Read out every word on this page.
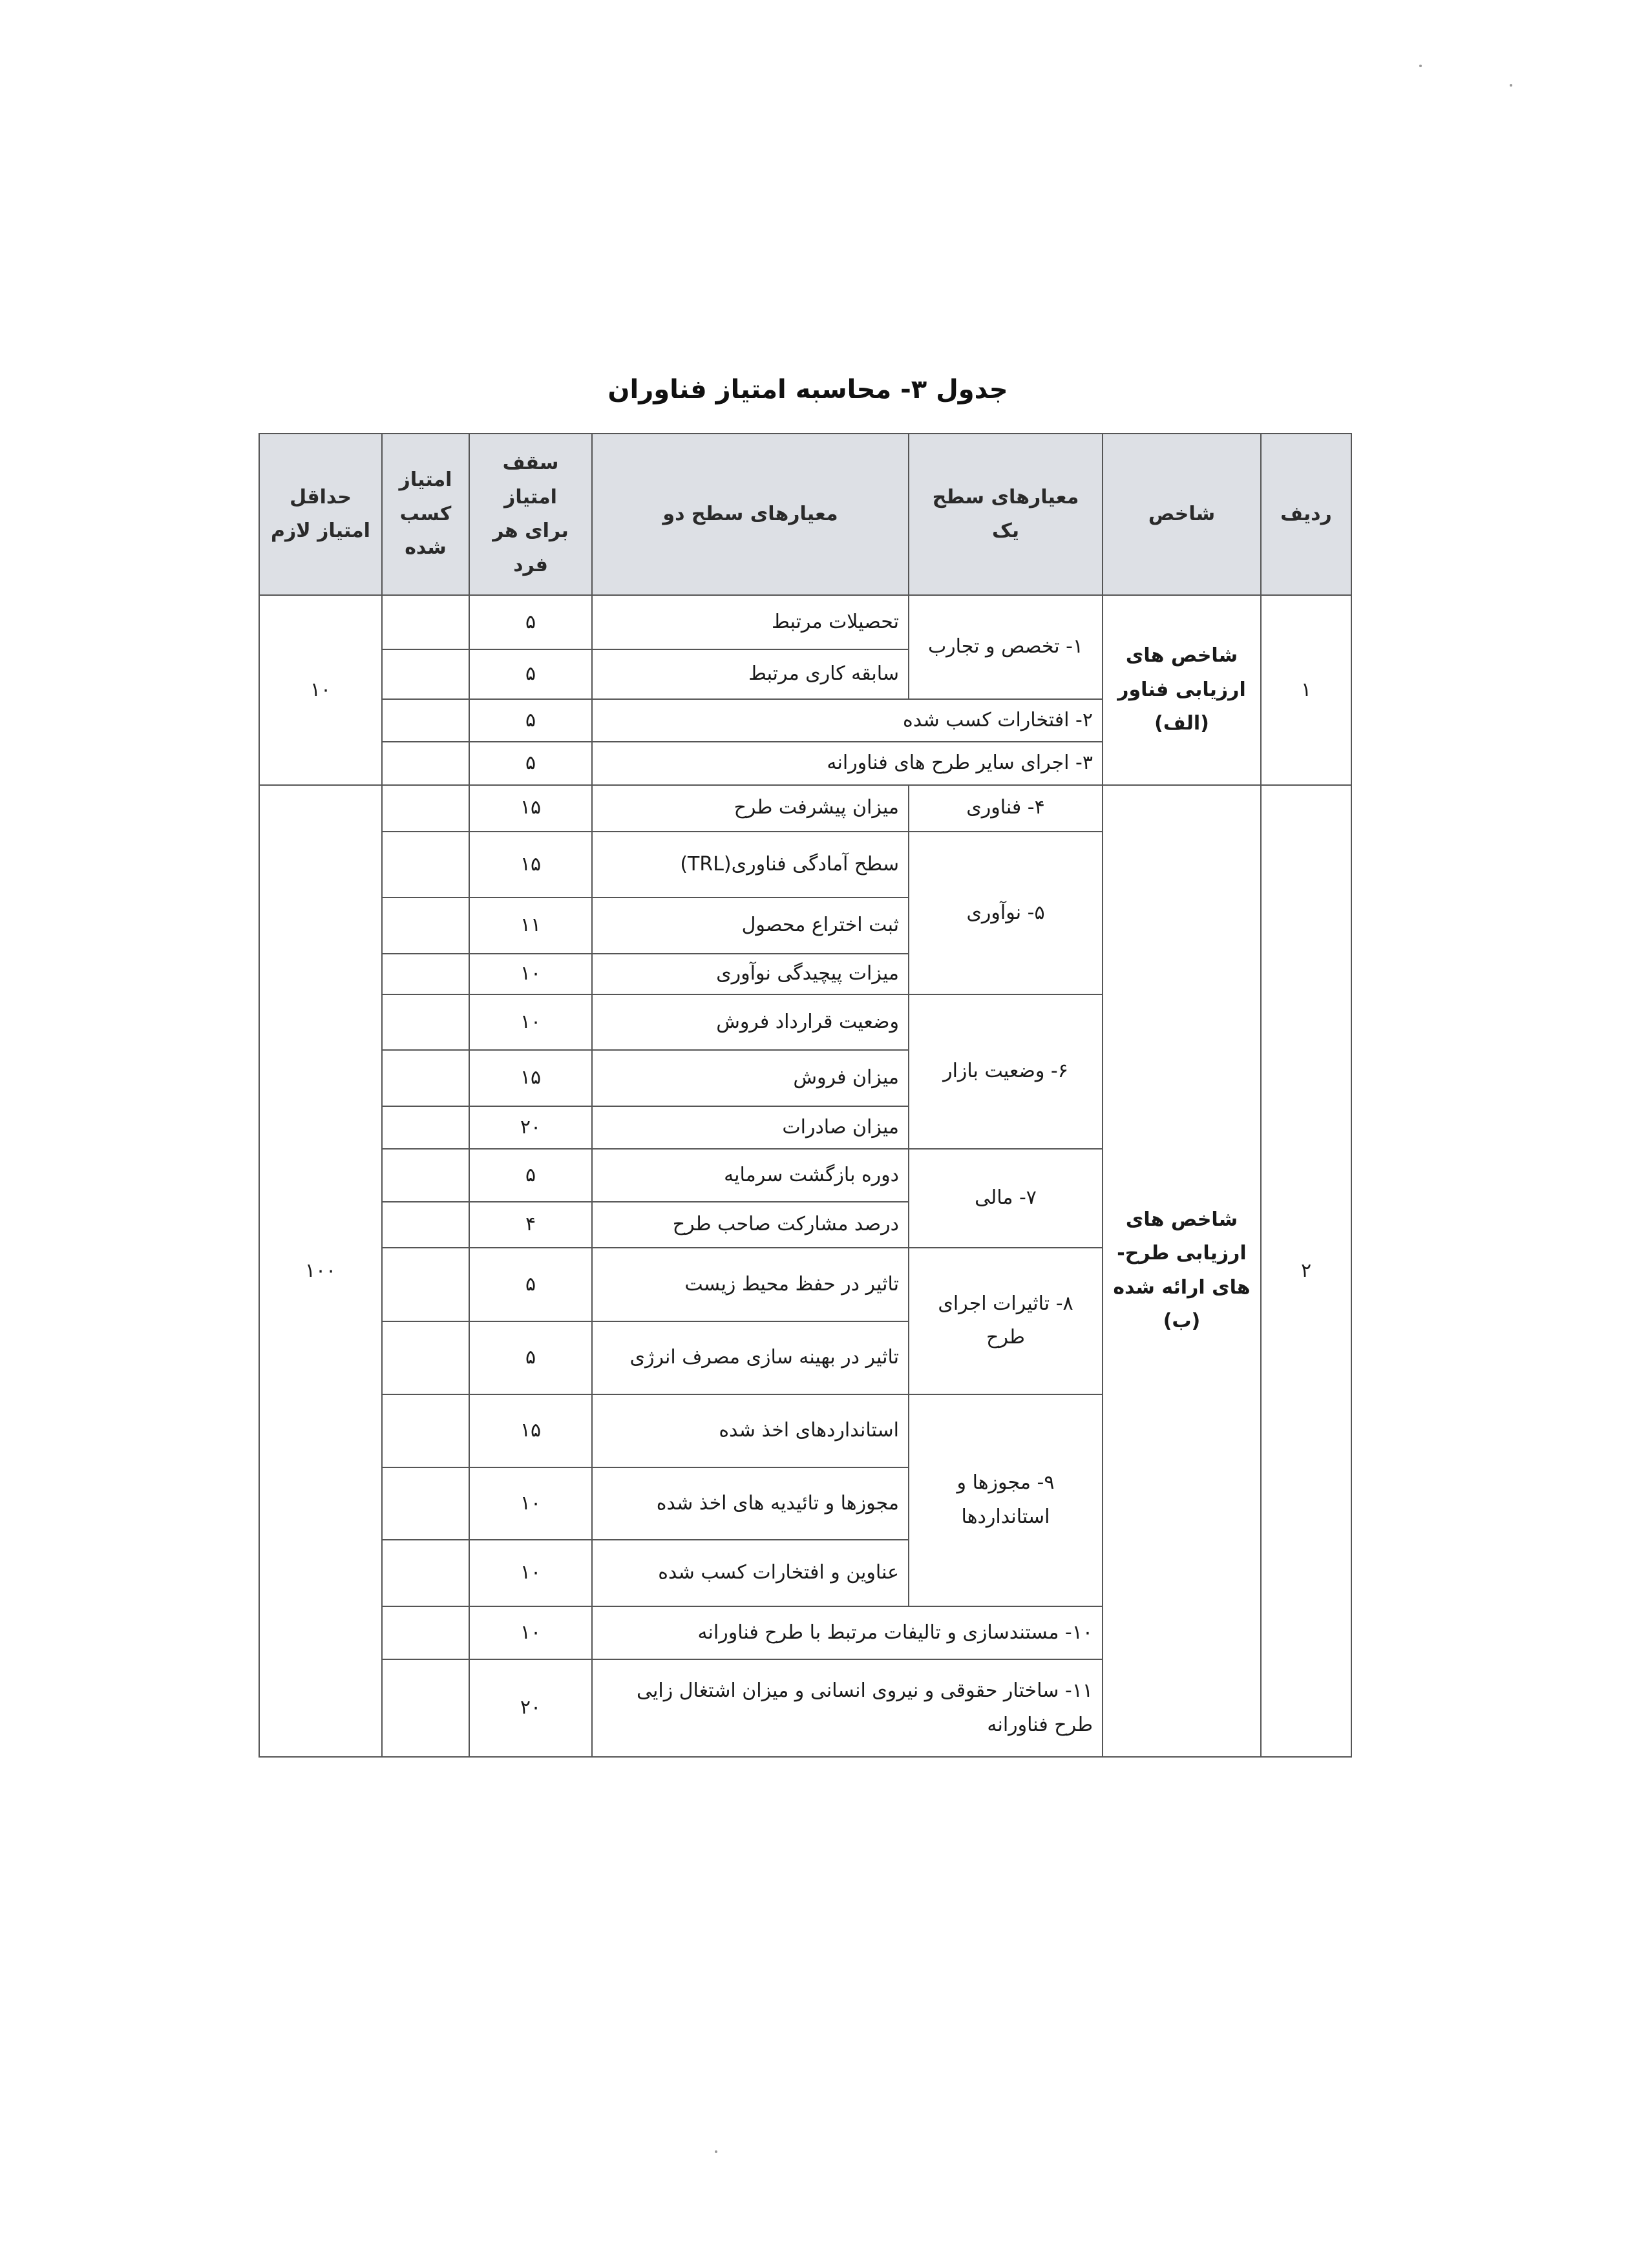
جدول ۳- محاسبه امتیاز فناوران
ردیف	شاخص	معیارهای سطح یک	معیارهای سطح دو	سقف امتیاز برای هر فرد	امتیاز کسب شده	حداقل امتیاز لازم
۱	شاخص های ارزیابی فناور (الف)	۱- تخصص و تجارب	تحصیلات مرتبط	۵		۱۰
			سابقه کاری مرتبط	۵		
		۲- افتخارات کسب شده		۵		
		۳- اجرای سایر طرح های فناورانه		۵		
۲	شاخص های ارزیابی طرح- های ارائه شده (ب)	۴- فناوری	میزان پیشرفت طرح	۱۵		۱۰۰
		۵- نوآوری	سطح آمادگی فناوری(TRL)	۱۵		
			ثبت اختراع محصول	۱۱		
			میزات پیچیدگی نوآوری	۱۰		
		۶- وضعیت بازار	وضعیت قرارداد فروش	۱۰		
			میزان فروش	۱۵		
			میزان صادرات	۲۰		
		۷- مالی	دوره بازگشت سرمایه	۵		
			درصد مشارکت صاحب طرح	۴		
		۸- تاثیرات اجرای طرح	تاثیر در حفظ محیط زیست	۵		
			تاثیر در بهینه سازی مصرف انرژی	۵		
		۹- مجوزها و استانداردها	استانداردهای اخذ شده	۱۵		
			مجوزها و تائیدیه های اخذ شده	۱۰		
			عناوین و افتخارات کسب شده	۱۰		
		۱۰- مستندسازی و تالیفات مرتبط با طرح فناورانه		۱۰		
		۱۱- ساختار حقوقی و نیروی انسانی و میزان اشتغال زایی طرح فناورانه		۲۰		
